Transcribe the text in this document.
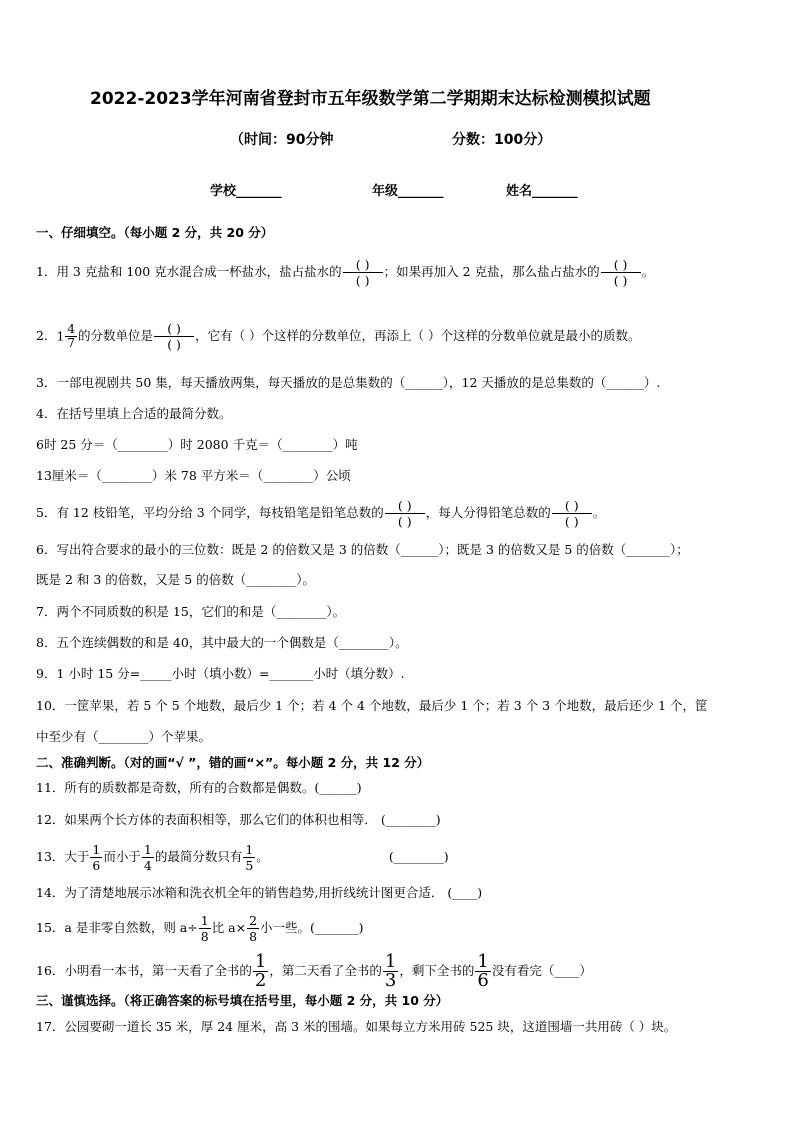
2022-2023学年河南省登封市五年级数学第二学期期末达标检测模拟试题
（时间：90分钟	分数：100分）
学校_______	年级_______	姓名_______
一、仔细填空。（每小题 2 分，共 20 分）
1．用 3 克盐和 100 克水混合成一杯盐水，盐占盐水的 $\frac{( )}{( )}$ ；如果再加入 2 克盐，那么盐占盐水的 $\frac{( )}{( )}$ 。
2． $1 \frac{4}{7}$ 的分数单位是 $\frac{( )}{( )}$ ，它有（ ）个这样的分数单位，再添上（ ）个这样的分数单位就是最小的质数。
3．一部电视剧共 50 集，每天播放两集，每天播放的是总集数的（______），12 天播放的是总集数的（______）.
4．在括号里填上合适的最简分数。
6时 25 分＝（________）时 2080 千克＝（________）吨
13厘米＝（________）米 78 平方米＝（________）公顷
5．有 12 枝铅笔，平均分给 3 个同学，每枝铅笔是铅笔总数的 $\frac{( )}{( )}$ ，每人分得铅笔总数的 $\frac{( )}{( )}$ 。
6．写出符合要求的最小的三位数：既是 2 的倍数又是 3 的倍数（______）；既是 3 的倍数又是 5 的倍数（_______）；
既是 2 和 3 的倍数，又是 5 的倍数（________）。
7．两个不同质数的积是 15，它们的和是（________）。
8．五个连续偶数的和是 40，其中最大的一个偶数是（________）。
9．1 小时 15 分=_____小时（填小数）=_______小时（填分数）.
10．一筐苹果，若 5 个 5 个地数，最后少 1 个；若 4 个 4 个地数，最后少 1 个；若 3 个 3 个地数，最后还少 1 个，筐
中至少有（________）个苹果。
二、准确判断。（对的画“√ ”，错的画“×”。每小题 2 分，共 12 分）
11．所有的质数都是奇数，所有的合数都是偶数。(______)
12．如果两个长方体的表面积相等，那么它们的体积也相等． (________)
13．大于 $\frac{1}{6}$ 而小于 $\frac{1}{4}$ 的最简分数只有 $\frac{1}{5}$ 。	(________)
14．为了清楚地展示冰箱和洗衣机全年的销售趋势,用折线统计图更合适． (____)
15．a 是非零自然数，则 $a\div \frac{1}{8}$ 比 $a\times \frac{2}{8}$ 小一些。(_______)
16．小明看一本书，第一天看了全书的 $\frac{1}{2}$ ，第二天看了全书的 $\frac{1}{3}$ ，剩下全书的 $\frac{1}{6}$ 没有看完（____）
三、谨慎选择。（将正确答案的标号填在括号里，每小题 2 分，共 10 分）
17．公园要砌一道长 35 米，厚 24 厘米，高 3 米的围墙。如果每立方米用砖 525 块，这道围墙一共用砖（ ）块。
